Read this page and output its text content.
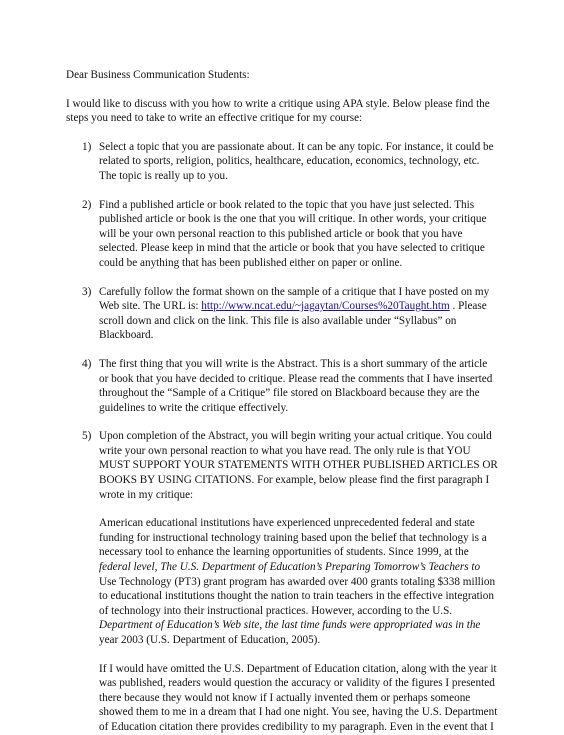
Dear Business Communication Students:

I would like to discuss with you how to write a critique using APA style. Below please find the steps you need to take to write an effective critique for my course:

1) Select a topic that you are passionate about. It can be any topic. For instance, it could be related to sports, religion, politics, healthcare, education, economics, technology, etc. The topic is really up to you.
2) Find a published article or book related to the topic that you have just selected. This published article or book is the one that you will critique. In other words, your critique will be your own personal reaction to this published article or book that you have selected. Please keep in mind that the article or book that you have selected to critique could be anything that has been published either on paper or online.
3) Carefully follow the format shown on the sample of a critique that I have posted on my Web site. The URL is: http://www.ncat.edu/~jagaytan/Courses%20Taught.htm . Please scroll down and click on the link. This file is also available under “Syllabus” on Blackboard.
4) The first thing that you will write is the Abstract. This is a short summary of the article or book that you have decided to critique. Please read the comments that I have inserted throughout the “Sample of a Critique” file stored on Blackboard because they are the guidelines to write the critique effectively.
5) Upon completion of the Abstract, you will begin writing your actual critique. You could write your own personal reaction to what you have read. The only rule is that YOU MUST SUPPORT YOUR STATEMENTS WITH OTHER PUBLISHED ARTICLES OR BOOKS BY USING CITATIONS. For example, below please find the first paragraph I wrote in my critique:

American educational institutions have experienced unprecedented federal and state funding for instructional technology training based upon the belief that technology is a necessary tool to enhance the learning opportunities of students. Since 1999, at the federal level, The U.S. Department of Education’s Preparing Tomorrow’s Teachers to Use Technology (PT3) grant program has awarded over 400 grants totaling $338 million to educational institutions thought the nation to train teachers in the effective integration of technology into their instructional practices. However, according to the U.S. Department of Education’s Web site, the last time funds were appropriated was in the year 2003 (U.S. Department of Education, 2005).

If I would have omitted the U.S. Department of Education citation, along with the year it was published, readers would question the accuracy or validity of the figures I presented there because they would not know if I actually invented them or perhaps someone showed them to me in a dream that I had one night. You see, having the U.S. Department of Education citation there provides credibility to my paragraph. Even in the event that I
